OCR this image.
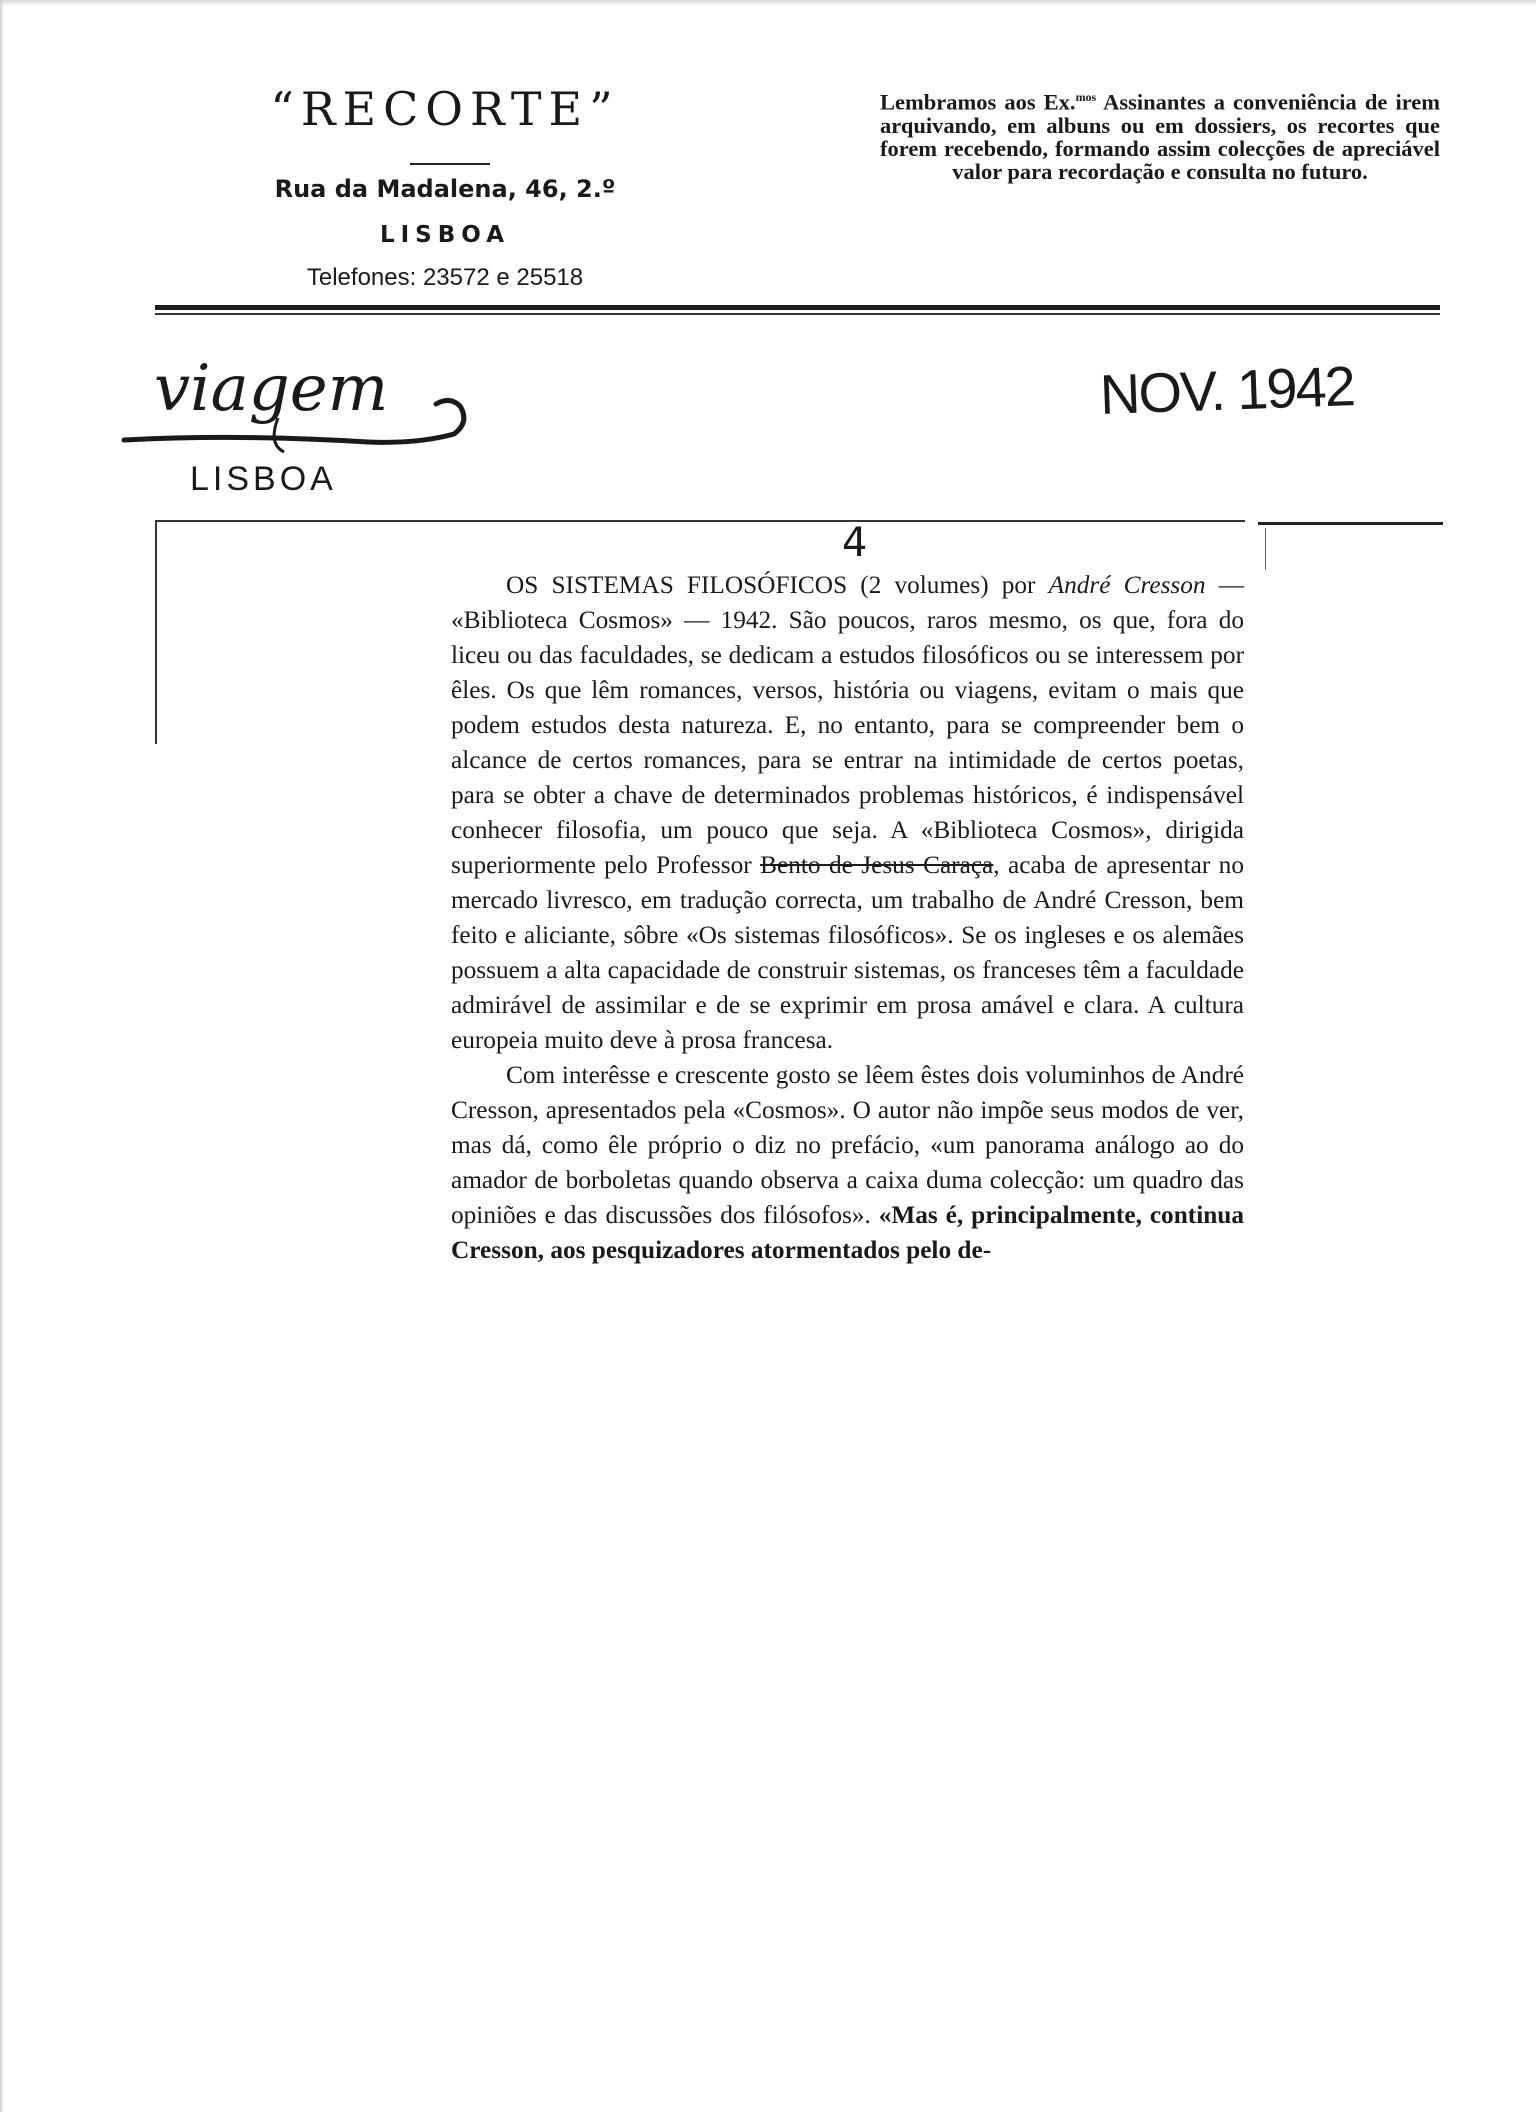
“RECORTE”
Rua da Madalena, 46, 2.º
LISBOA
Telefones: 23572 e 25518
Lembramos aos Ex.$^{mos}$ Assinantes a conveniência de irem arquivando, em albuns ou em dossiers, os recortes que forem recebendo, formando assim colecções de apreciável valor para recordação e consulta no futuro.
viagem
LISBOA
NOV. 1942
4

OS SISTEMAS FILOSÓFICOS (2 volumes) por André Cresson — «Biblioteca Cosmos» — 1942. São poucos, raros mesmo, os que, fora do liceu ou das faculdades, se dedicam a estudos filosóficos ou se interessem por êles. Os que lêm romances, versos, história ou viagens, evitam o mais que podem estudos desta natureza. E, no entanto, para se compreender bem o alcance de certos romances, para se entrar na intimidade de certos poetas, para se obter a chave de determinados problemas históricos, é indispensável conhecer filosofia, um pouco que seja. A «Biblioteca Cosmos», dirigida superiormente pelo Professor Bento de Jesus Caraça, acaba de apresentar no mercado livresco, em tradução correcta, um trabalho de André Cresson, bem feito e aliciante, sôbre «Os sistemas filosóficos». Se os ingleses e os alemães possuem a alta capacidade de construir sistemas, os franceses têm a faculdade admirável de assimilar e de se exprimir em prosa amável e clara. A cultura europeia muito deve à prosa francesa.

Com interêsse e crescente gosto se lêem êstes dois voluminhos de André Cresson, apresentados pela «Cosmos». O autor não impõe seus modos de ver, mas dá, como êle próprio o diz no prefácio, «um panorama análogo ao do amador de borboletas quando observa a caixa duma colecção: um quadro das opiniões e das discussões dos filósofos». «Mas é, principalmente, continua Cresson, aos pesquizadores atormentados pelo de-
